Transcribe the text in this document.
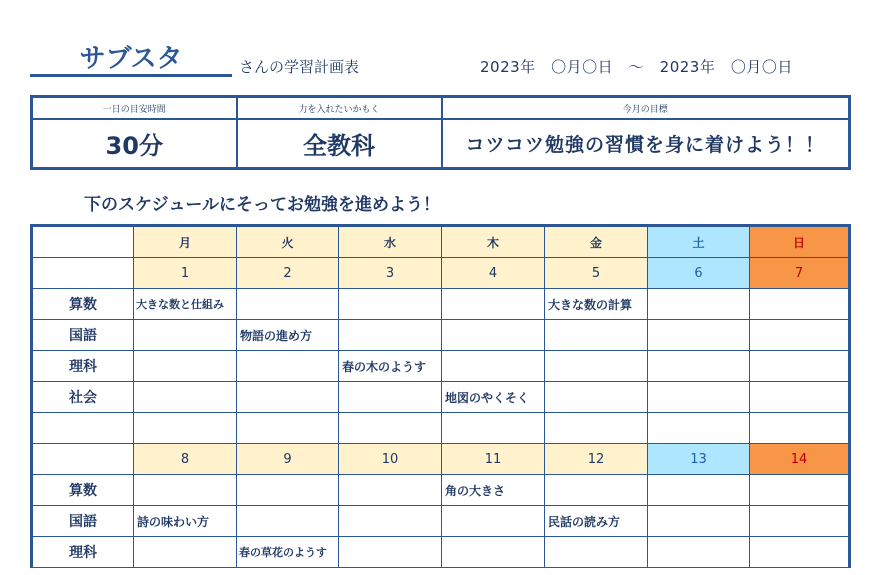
サブスタ	さんの学習計画表	2023年　〇月〇日　～　2023年　〇月〇日
一日の目安時間	力を入れたいかもく	今月の目標
30分	全教科	コツコツ勉強の習慣を身に着けよう！！
下のスケジュールにそってお勉強を進めよう！
	月	火	水	木	金	土	日
	1	2	3	4	5	6	7
算数	大きな数と仕組み				大きな数の計算		
国語		物語の進め方					
理科			春の木のようす				
社会				地図のやくそく			

	8	9	10	11	12	13	14
算数				角の大きさ			
国語	詩の味わい方				民話の読み方		
理科		春の草花のようす					
